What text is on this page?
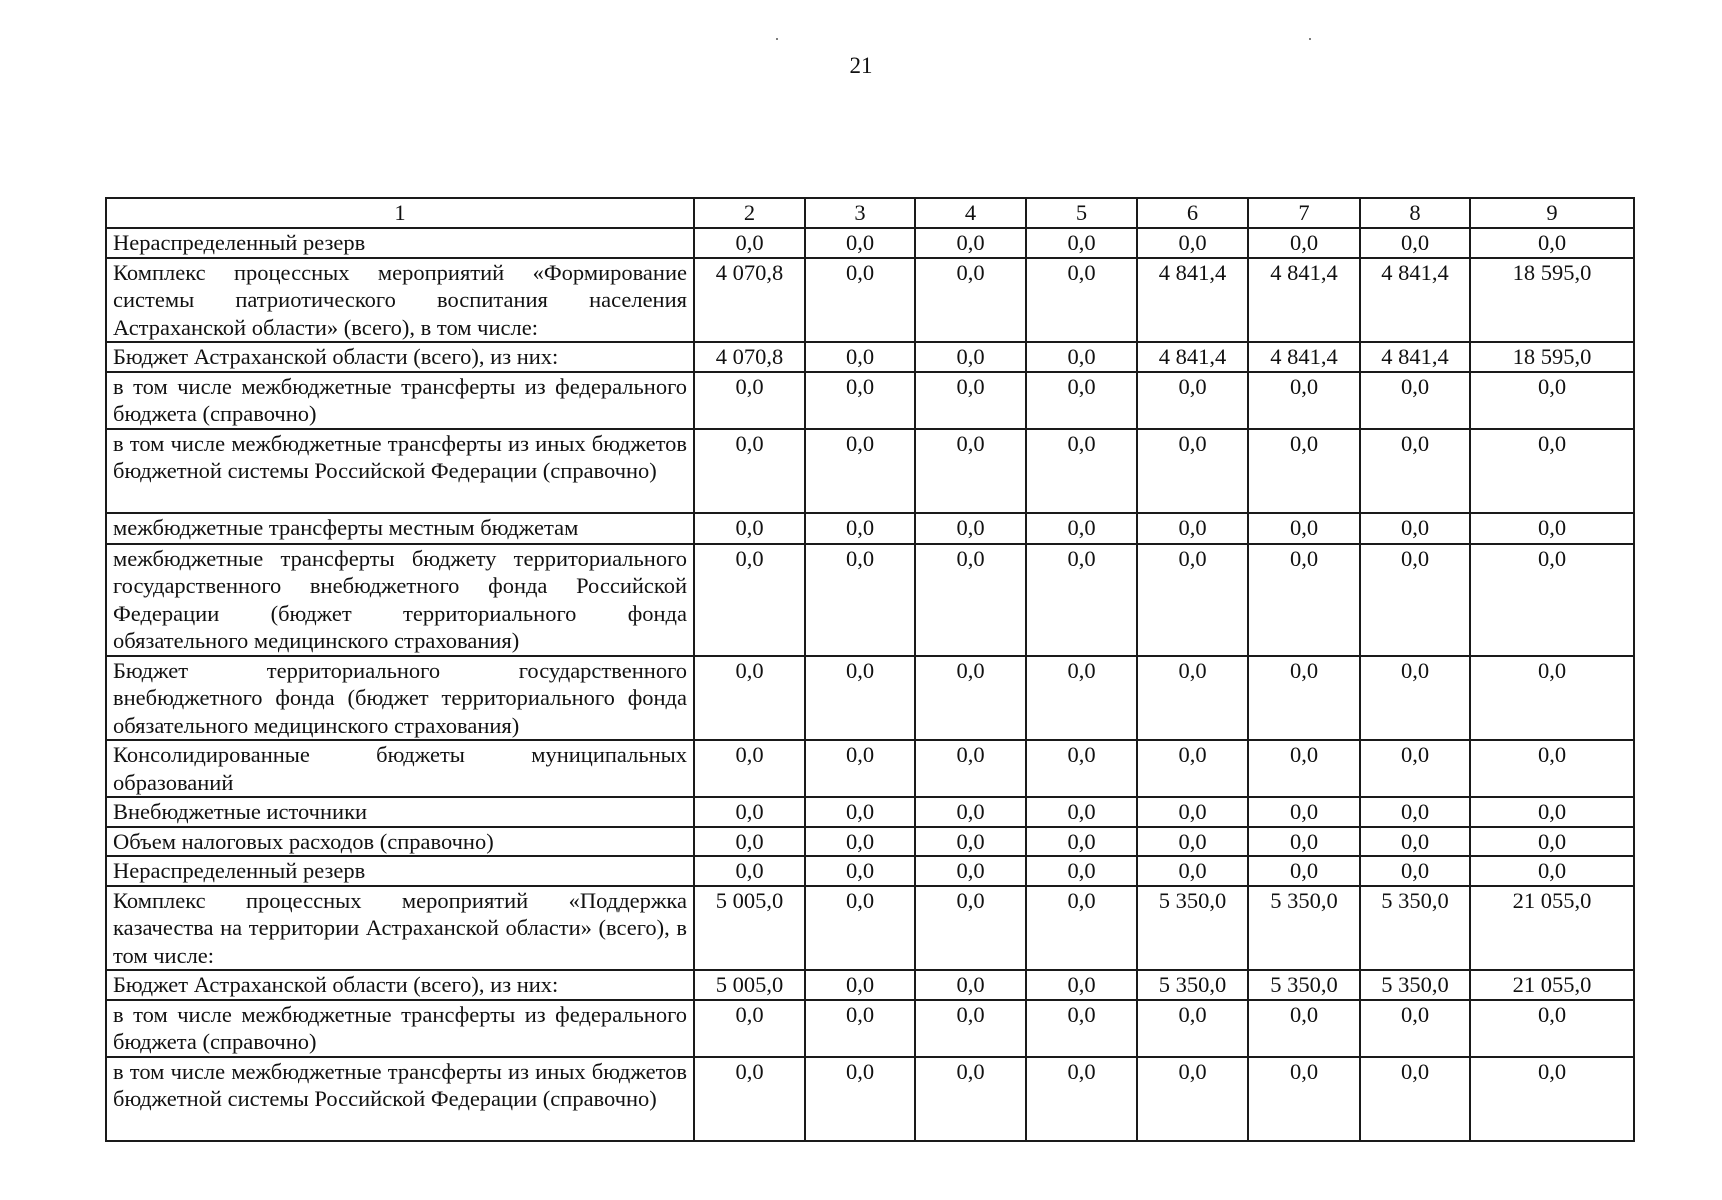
21
1	2	3	4	5	6	7	8	9
Нераспределенный резерв	0,0	0,0	0,0	0,0	0,0	0,0	0,0	0,0
Комплекс процессных мероприятий «Формирование системы патриотического воспитания населения Астраханской области» (всего), в том числе:	4 070,8	0,0	0,0	0,0	4 841,4	4 841,4	4 841,4	18 595,0
Бюджет Астраханской области (всего), из них:	4 070,8	0,0	0,0	0,0	4 841,4	4 841,4	4 841,4	18 595,0
в том числе межбюджетные трансферты из федерального бюджета (справочно)	0,0	0,0	0,0	0,0	0,0	0,0	0,0	0,0
в том числе межбюджетные трансферты из иных бюджетов бюджетной системы Российской Федерации (справочно)	0,0	0,0	0,0	0,0	0,0	0,0	0,0	0,0
межбюджетные трансферты местным бюджетам	0,0	0,0	0,0	0,0	0,0	0,0	0,0	0,0
межбюджетные трансферты бюджету территориального государственного внебюджетного фонда Российской Федерации (бюджет территориального фонда обязательного медицинского страхования)	0,0	0,0	0,0	0,0	0,0	0,0	0,0	0,0
Бюджет территориального государственного внебюджетного фонда (бюджет территориального фонда обязательного медицинского страхования)	0,0	0,0	0,0	0,0	0,0	0,0	0,0	0,0
Консолидированные бюджеты муниципальных образований	0,0	0,0	0,0	0,0	0,0	0,0	0,0	0,0
Внебюджетные источники	0,0	0,0	0,0	0,0	0,0	0,0	0,0	0,0
Объем налоговых расходов (справочно)	0,0	0,0	0,0	0,0	0,0	0,0	0,0	0,0
Нераспределенный резерв	0,0	0,0	0,0	0,0	0,0	0,0	0,0	0,0
Комплекс процессных мероприятий «Поддержка казачества на территории Астраханской области» (всего), в том числе:	5 005,0	0,0	0,0	0,0	5 350,0	5 350,0	5 350,0	21 055,0
Бюджет Астраханской области (всего), из них:	5 005,0	0,0	0,0	0,0	5 350,0	5 350,0	5 350,0	21 055,0
в том числе межбюджетные трансферты из федерального бюджета (справочно)	0,0	0,0	0,0	0,0	0,0	0,0	0,0	0,0
в том числе межбюджетные трансферты из иных бюджетов бюджетной системы Российской Федерации (справочно)	0,0	0,0	0,0	0,0	0,0	0,0	0,0	0,0
